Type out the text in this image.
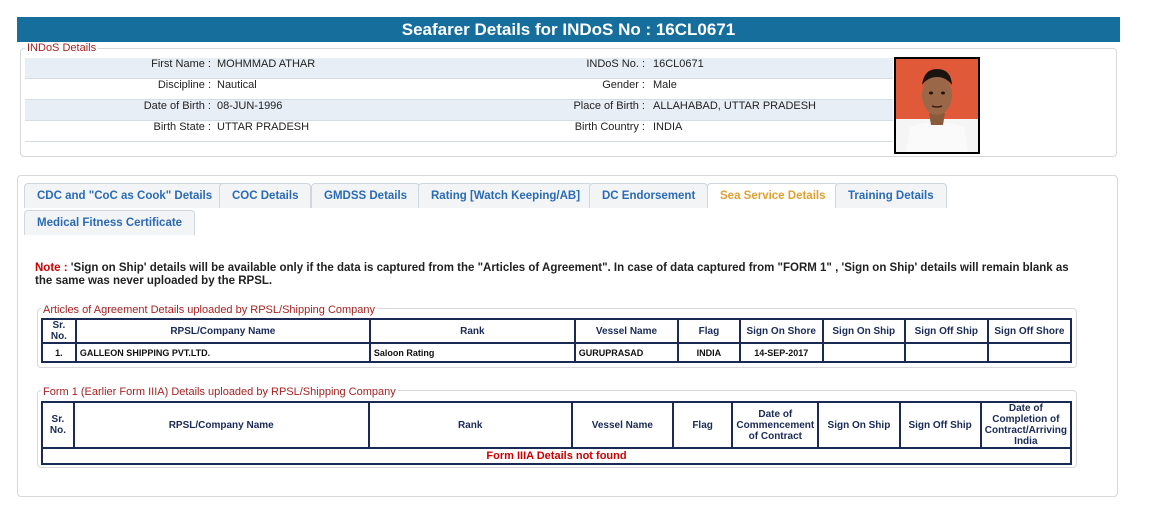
Seafarer Details for INDoS No : 16CL0671
INDoS Details
First Name : MOHMMAD ATHAR	INDoS No. : 16CL0671
Discipline : Nautical	Gender : Male
Date of Birth : 08-JUN-1996	Place of Birth : ALLAHABAD, UTTAR PRADESH
Birth State : UTTAR PRADESH	Birth Country : INDIA
CDC and "CoC as Cook" Details	COC Details	GMDSS Details	Rating [Watch Keeping/AB]	DC Endorsement	Sea Service Details	Training Details
Medical Fitness Certificate
Note : 'Sign on Ship' details will be available only if the data is captured from the "Articles of Agreement". In case of data captured from "FORM 1" , 'Sign on Ship' details will remain blank as the same was never uploaded by the RPSL.
Articles of Agreement Details uploaded by RPSL/Shipping Company
Sr. No.	RPSL/Company Name	Rank	Vessel Name	Flag	Sign On Shore	Sign On Ship	Sign Off Ship	Sign Off Shore
1.	GALLEON SHIPPING PVT.LTD.	Saloon Rating	GURUPRASAD	INDIA	14-SEP-2017			
Form 1 (Earlier Form IIIA) Details uploaded by RPSL/Shipping Company
Sr. No.	RPSL/Company Name	Rank	Vessel Name	Flag	Date of Commencement of Contract	Sign On Ship	Sign Off Ship	Date of Completion of Contract/Arriving India
Form IIIA Details not found
